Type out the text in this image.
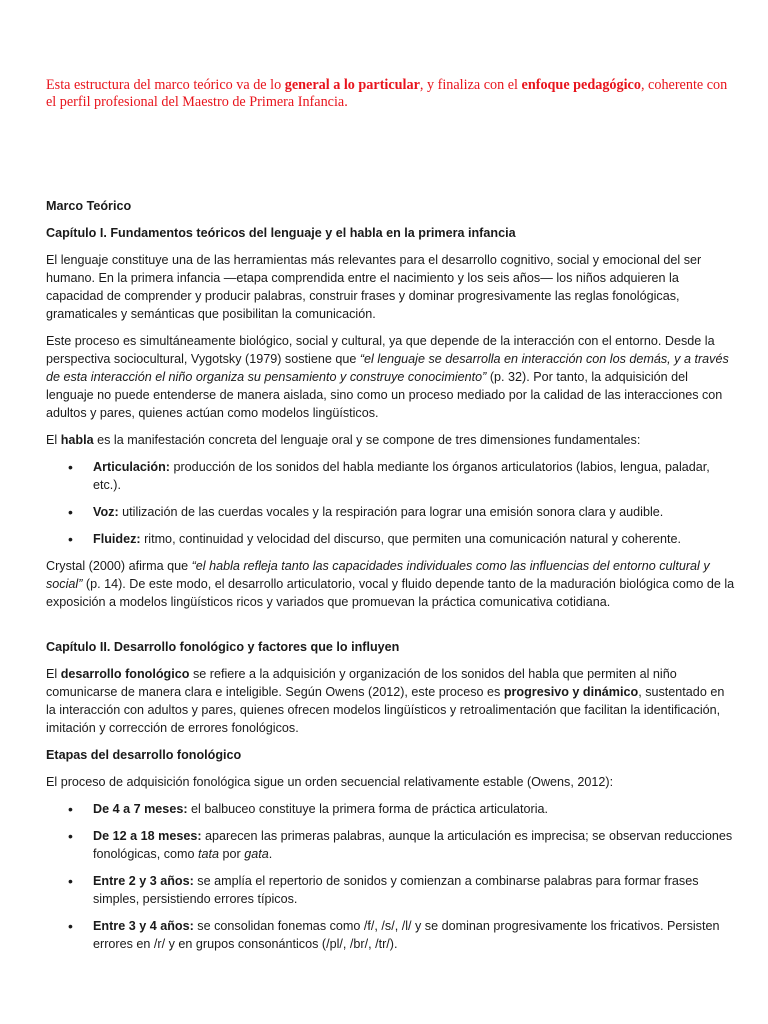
Esta estructura del marco teórico va de lo general a lo particular, y finaliza con el enfoque pedagógico, coherente con el perfil profesional del Maestro de Primera Infancia.
Marco Teórico
Capítulo I. Fundamentos teóricos del lenguaje y el habla en la primera infancia

El lenguaje constituye una de las herramientas más relevantes para el desarrollo cognitivo, social y emocional del ser humano. En la primera infancia —etapa comprendida entre el nacimiento y los seis años— los niños adquieren la capacidad de comprender y producir palabras, construir frases y dominar progresivamente las reglas fonológicas, gramaticales y semánticas que posibilitan la comunicación.

Este proceso es simultáneamente biológico, social y cultural, ya que depende de la interacción con el entorno. Desde la perspectiva sociocultural, Vygotsky (1979) sostiene que “el lenguaje se desarrolla en interacción con los demás, y a través de esta interacción el niño organiza su pensamiento y construye conocimiento” (p. 32). Por tanto, la adquisición del lenguaje no puede entenderse de manera aislada, sino como un proceso mediado por la calidad de las interacciones con adultos y pares, quienes actúan como modelos lingüísticos.

El habla es la manifestación concreta del lenguaje oral y se compone de tres dimensiones fundamentales:

• Articulación: producción de los sonidos del habla mediante los órganos articulatorios (labios, lengua, paladar, etc.).
• Voz: utilización de las cuerdas vocales y la respiración para lograr una emisión sonora clara y audible.
• Fluidez: ritmo, continuidad y velocidad del discurso, que permiten una comunicación natural y coherente.

Crystal (2000) afirma que “el habla refleja tanto las capacidades individuales como las influencias del entorno cultural y social” (p. 14). De este modo, el desarrollo articulatorio, vocal y fluido depende tanto de la maduración biológica como de la exposición a modelos lingüísticos ricos y variados que promuevan la práctica comunicativa cotidiana.

Capítulo II. Desarrollo fonológico y factores que lo influyen

El desarrollo fonológico se refiere a la adquisición y organización de los sonidos del habla que permiten al niño comunicarse de manera clara e inteligible. Según Owens (2012), este proceso es progresivo y dinámico, sustentado en la interacción con adultos y pares, quienes ofrecen modelos lingüísticos y retroalimentación que facilitan la identificación, imitación y corrección de errores fonológicos.

Etapas del desarrollo fonológico

El proceso de adquisición fonológica sigue un orden secuencial relativamente estable (Owens, 2012):

• De 4 a 7 meses: el balbuceo constituye la primera forma de práctica articulatoria.
• De 12 a 18 meses: aparecen las primeras palabras, aunque la articulación es imprecisa; se observan reducciones fonológicas, como tata por gata.
• Entre 2 y 3 años: se amplía el repertorio de sonidos y comienzan a combinarse palabras para formar frases simples, persistiendo errores típicos.
• Entre 3 y 4 años: se consolidan fonemas como /f/, /s/, /l/ y se dominan progresivamente los fricativos. Persisten errores en /r/ y en grupos consonánticos (/pl/, /br/, /tr/).
